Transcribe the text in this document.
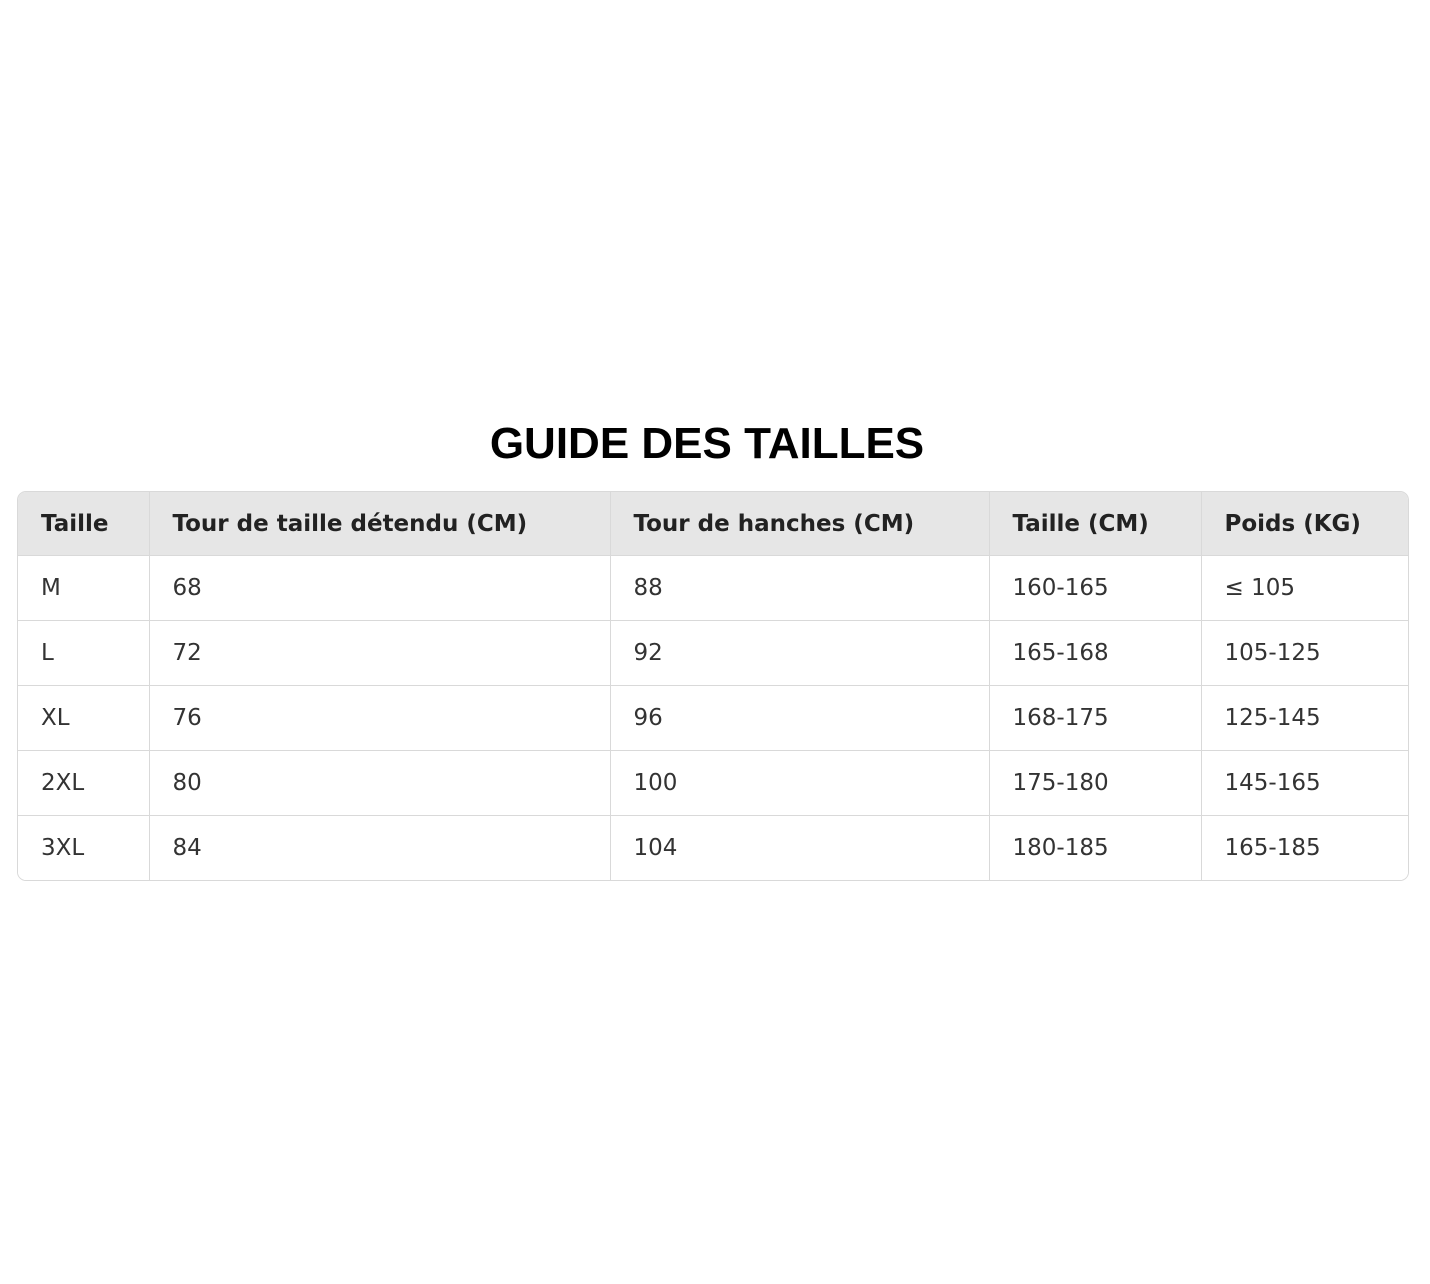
GUIDE DES TAILLES
Taille	Tour de taille détendu (CM)	Tour de hanches (CM)	Taille (CM)	Poids (KG)
M	68	88	160-165	≤ 105
L	72	92	165-168	105-125
XL	76	96	168-175	125-145
2XL	80	100	175-180	145-165
3XL	84	104	180-185	165-185
